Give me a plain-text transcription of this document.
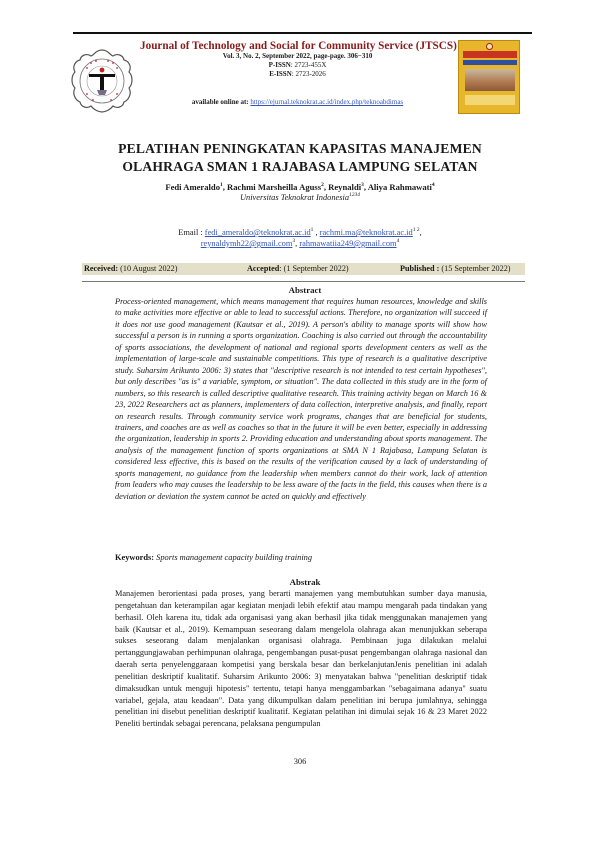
Journal of Technology and Social for Community Service (JTSCS)
Vol. 3, No. 2, September 2022, page-page. 306−310
P-ISSN: 2723-455X
E-ISSN: 2723-2026
available online at: https://ejurnal.teknokrat.ac.id/index.php/teknoabdimas
PELATIHAN PENINGKATAN KAPASITAS MANAJEMEN
OLAHRAGA SMAN 1 RAJABASA LAMPUNG SELATAN
Fedi Ameraldo$^1$, Rachmi Marsheilla Aguss$^2$, Reynaldi$^3$, Aliya Rahmawati$^4$
Universitas Teknokrat Indonesia$^{1234}$
Email : $fedi\_ameraldo@teknokrat.ac.id^1$ , $rachmi.ma@teknokrat.ac.id^{1 2}$,
reynaldymh22@gmail.com$^3$, rahmawatiia249@gmail.com$^4$
Received: (10 August 2022)	Accepted: (1 September 2022)	Published : (15 September 2022)
Abstract
Process-oriented management, which means management that requires human resources, knowledge and skills to make activities more effective or able to lead to successful actions. Therefore, no organization will succeed if it does not use good management (Kautsar et al., 2019). A person's ability to manage sports will show how successful a person is in running a sports organization. Coaching is also carried out through the accountability of sports associations, the development of national and regional sports development centers as well as the implementation of large-scale and sustainable competitions. This type of research is a qualitative descriptive study. Suharsim Arikunto 2006: 3) states that "descriptive research is not intended to test certain hypotheses", but only describes "as is" a variable, symptom, or situation". The data collected in this study are in the form of numbers, so this research is called descriptive qualitative research. This training activity began on March 16 & 23, 2022 Researchers act as planners, implementers of data collection, interpretive analysis, and finally, report on research results. Through community service work programs, changes that are beneficial for students, trainers, and coaches are as well as coaches so that in the future it will be even better, especially in addressing the organization, leadership in sports 2. Providing education and understanding about sports management. The analysis of the management function of sports organizations at SMA N 1 Rajabasa, Lampung Selatan is considered less effective, this is based on the results of the verification caused by a lack of understanding of sports management, no guidance from the leadership when members cannot do their work, lack of attention from leaders who may causes the leadership to be less aware of the facts in the field, this causes when there is a deviation or deviation the system cannot be acted on quickly and effectively
Keywords: Sports management capacity building training
Abstrak
Manajemen berorientasi pada proses, yang berarti manajemen yang membutuhkan sumber daya manusia, pengetahuan dan keterampilan agar kegiatan menjadi lebih efektif atau mampu mengarah pada tindakan yang berhasil. Oleh karena itu, tidak ada organisasi yang akan berhasil jika tidak menggunakan manajemen yang baik (Kautsar et al., 2019). Kemampuan seseorang dalam mengelola olahraga akan menunjukkan seberapa sukses seseorang dalam menjalankan organisasi olahraga. Pembinaan juga dilakukan melalui pertanggungjawaban perhimpunan olahraga, pengembangan pusat-pusat pengembangan olahraga nasional dan daerah serta penyelenggaraan kompetisi yang berskala besar dan berkelanjutanJenis penelitian ini adalah penelitian deskriptif kualitatif. Suharsim Arikunto 2006: 3) menyatakan bahwa "penelitian deskriptif tidak dimaksudkan untuk menguji hipotesis" tertentu, tetapi hanya menggambarkan "sebagaimana adanya" suatu variabel, gejala, atau keadaan". Data yang dikumpulkan dalam penelitian ini berupa jumlahnya, sehingga penelitian ini disebut penelitian deskriptif kualitatif. Kegiatan pelatihan ini dimulai sejak 16 & 23 Maret 2022 Peneliti bertindak sebagai perencana, pelaksana pengumpulan
306
